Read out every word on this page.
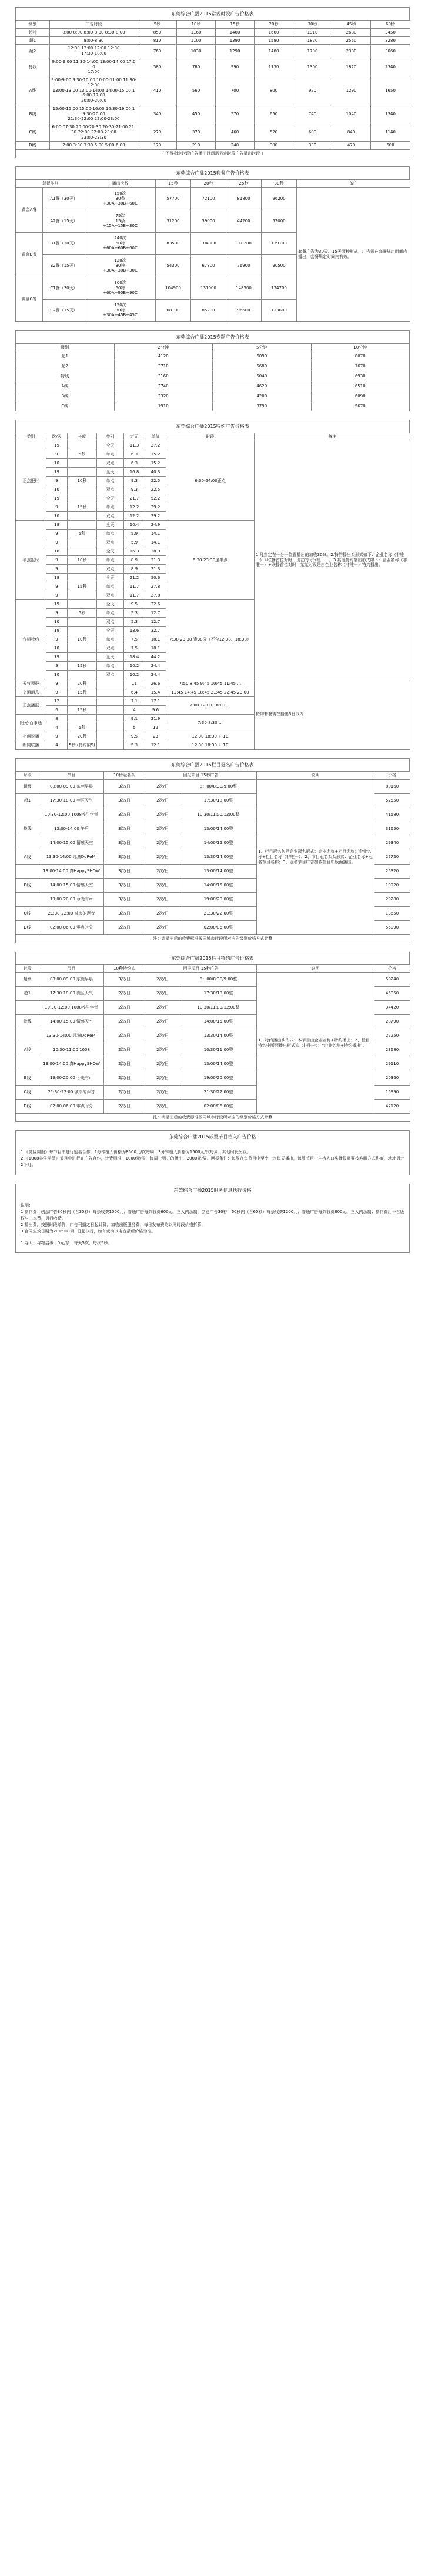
东莞综合广播2015常规时段广告价格表
级别	广告时段	5秒	10秒	15秒	20秒	30秒	45秒	60秒
超特	8:00-8:00 8:00-8:30 8:30-8:00	850	1160	1460	1660	1910	2680	3450
超1	8:00-8:30	810	1100	1390	1580	1820	2550	3280
超2	12:00-12:00 12:00-12:30
17:30-18:00	760	1030	1290	1480	1700	2380	3060
特线	9:00-9:00 11:30-14:00 13:00-14:00 17:00
17:00	580	780	990	1130	1300	1820	2340
A线	9:00-9:00 9:30-10:00 10:00-11:00 11:30-12:00
13:00-13:00 13:00-14:00 14:00-15:00 16:00-17:00
20:00-20:00	410	560	700	800	920	1290	1650
B线	15:00-15:00 15:00-16:00 16:30-19:00 19:30-20:00
21:30-22:00 22:00-23:00	340	450	570	650	740	1040	1340
C线	6:00-07:30 20:00-20:30 20:30-21:00 21:30-22:00 22:00-23:00
23:00-23:30	270	370	460	520	600	840	1140
D线	2:00-3:30 3:30-5:00 5:00-6:00	170	210	240	300	330	470	600
（ 不得指定时段广告播出时间需另定时段广告播出时段 ）								
东莞综合广播2015套餐广告价格表
套餐类别		播出次数	15秒	20秒	25秒	30秒	备注
黄金A餐	A1餐（30天）	150次
30条
+30A+30B+60C	57700	72100	81800	96200	套餐广告为30天、15天两种形式，广告须在套餐规定时间内播出，套餐规定时间内有效。
	A2餐（15天）	75次
15条
+15A+15B+30C	31200	39000	44200	52000	
黄金B餐	B1餐（30天）	240次
60特
+60A+60B+60C	83500	104300	118200	139100	
	B2餐（15天）	120次
30特
+30A+30B+30C	54300	67800	76900	90500	
黄金C餐	C1餐（30天）	300次
60特
+60A+90B+90C	104900	131000	148500	174700	
	C2餐（15天）	150次
30特
+30A+45B+45C	68100	85200	96600	113600	
东莞综合广播2015专题广告价格表
级别	2分钟	5分钟	10分钟
超1	4120	6090	8070
超2	3710	5680	7670
特线	3160	5040	6930
A线	2740	4620	6510
B线	2320	4200	6090
C线	1910	3790	5670
东莞综合广播2015特约广告价格表
类别	次/天	长度	类别	万元	单价	时段	备注
正点报时	19		全天	11.3	27.2	6:00-24:00正点	1.凡指定在一分一位置播出的加收30%。2.特约播出头形式如下：企业名称（非唯一）+联播首位对时，现在的时间是……。3.其他特约播出形式如下：企业名称（非唯一）+联播首位对时：某某时段是由企业名称（非唯一）特约播出。
	9	5秒	单点	6.3	15.2		
	10		双点	6.3	15.2		
	19		全天	16.8	40.3		
	9	10秒	单点	9.3	22.5		
	10		双点	9.3	22.5		
	19		全天	21.7	52.2		
	9	15秒	单点	12.2	29.2		
	10		双点	12.2	29.2		
半点报时	18		全天	10.4	24.9	6:30-23:30逢半点	
	9	5秒	单点	5.9	14.1		
	9		双点	5.9	14.1		
	18		全天	16.3	38.9		
	9	10秒	单点	8.9	21.3		
	9		双点	8.9	21.3		
	18		全天	21.2	50.6		
	9	15秒	单点	11.7	27.8		
	9		双点	11.7	27.8		
台标特约	19		全天	9.5	22.6	7:38-23:38 逢38分（不含12:38、18:38）	
	9	5秒	单点	5.3	12.7		
	10		双点	5.3	12.7		
	19		全天	13.6	32.7		
	9	10秒	单点	7.5	18.1		
	10		双点	7.5	18.1		
	19		全天	18.4	44.2		
	9	15秒	单点	10.2	24.4		
	10		双点	10.2	24.4		
天气预报	9	20秒		11	26.6	7:50 8:45 9:45 10:45 11:45 …	特约套餐需在播出3日以内
交通消息	9	15秒		6.4	15.4	12:45 14:45 18:45 21:45 22:45 23:00	
正点播报	12			7.1	17.1	7:00 12:00 18:00 …	
	6	15秒		4	9.6		
阳光·百事通	8			9.1	21.9	7:30 8:30 …	
	4	5秒		5	12		
小闲说播	9	20秒		9.5	23	12:30 18:30 + 1C	
新闻联播	4	5秒 (特约限5)		5.3	12.1	12:30 18:30 + 1C	
东莞综合广播2015栏目冠名广告价格表
时段	节目	10秒冠名头	回报项目 15秒广告		说明	价格
超级	08:00-09:00 东莞早晨	3次/日	2次/日	8：00/8:30/9:00整	1、栏目冠名包括企业冠名形式：企业名称+栏目名称；企业名称+栏目名称（非唯一）；2、节目冠名头头形式：企业名称+冠名节目名称；3、冠名节目广告加收栏目中版面播出。	80160
超1	17:30-18:00 莞区天气	3次/日	2次/日	17:30/18:00整		52550
	10:30-12:00 1008养生学堂	3次/日	2次/日	10:30/11:00/12:00整		41580
特线	13:00-14:00 午后	3次/日	2次/日	13:00/14:00整		31650
	14:00-15:00 情感天空	3次/日	2次/日	14:00/15:00整		29340
A线	13:30-14:00 儿童DoReMi	3次/日	2次/日	13:30/14:00整		27720
	13:00-14:00 真HappySHOW	3次/日	2次/日	13:00/14:00整		25320
B线	14:00-15:00 情感天空	3次/日	2次/日	14:00/15:00整		19920
	19:00-20:00 今晚有声	3次/日	2次/日	19:00/20:00整		29280
C线	21:30-22:00 城市的声音	3次/日	2次/日	21:30/22:00整		13650
D线	02:00-06:00 零点时分	2次/日	2次/日	02:00/06:00整		55090
注：请播出后的收费标准按同城市时段所对应的级别价格方式计算						
东莞综合广播2015栏目特约广告价格表
时段	节目	10秒特约头	回报项目 15秒广告		说明	价格
超级	08:00-09:00 东莞早晨	3次/日	2次/日	8：00/8:30/9:00整	1、特约播出头形式：本节目由企业名称+特约播出；2、栏目特约中版面播出形式头（非唯一）：“企业名称+特约播出”。	50240
超1	17:30-18:00 莞区天气	2次/日	2次/日	17:30/18:00整		45050
	10:30-12:00 1008养生学堂	2次/日	2次/日	10:30/11:00/12:00整		34420
特线	14:00-15:00 情感天空	2次/日	2次/日	14:00/15:00整		28790
	13:30-14:00 儿童DoReMi	2次/日	2次/日	13:30/14:00整		27250
A线	10:30-11:00 1008	2次/日	2次/日	10:30/11:00整		23680
	13:00-14:00 真HappySHOW	2次/日	2次/日	13:00/14:00整		29110
B线	19:00-20:00 今晚有声	2次/日	2次/日	19:00/20:00整		20360
C线	21:30-22:00 城市的声音	2次/日	2次/日	21:30/22:00整		15990
D线	02:00-06:00 零点时分	2次/日	2次/日	02:00/06:00整		47120
注：请播出后的收费标准按同城市时段所对应的级别价格方式计算						
东莞综合广播2015成型节目植入广告价格

1.《莞区周报》每节目中进行冠名合作，1分钟植入价格为8500元/次每周，3分钟植入价格为1500元/次每周，其他时长另议。

2.《1008养生学堂》节目中进行在广告合作，计费标准，1000元/周，每周一到五的播出，2000元/周。回报条件：每周在每节目中至少一次每天播出，每周节目中主持人口头播报需要按客服方式协商，地址另计2个月。

东莞综合广播2015服务信息执行价格

说明：

1.制作费：创意广告30秒内（含30秒）每条收费1000元；普通广告每条收费600元，三人内录制，创意广告30秒—60秒内（含60秒）每条收费1200元；普通广告每条收费800元，三人内录制；制作费用不含版权与工本费，另行收费。

2.播出费，按照时段单价，广告刊播之日起计算，加收出版服务费，每日发布费均以同时段价格折算，

3.合同生效日期为2015年1月1日起执行，如有变动以电台最新价格为准。

1.寻人、寻物启事：0元/条；每天5次，每次5秒。
